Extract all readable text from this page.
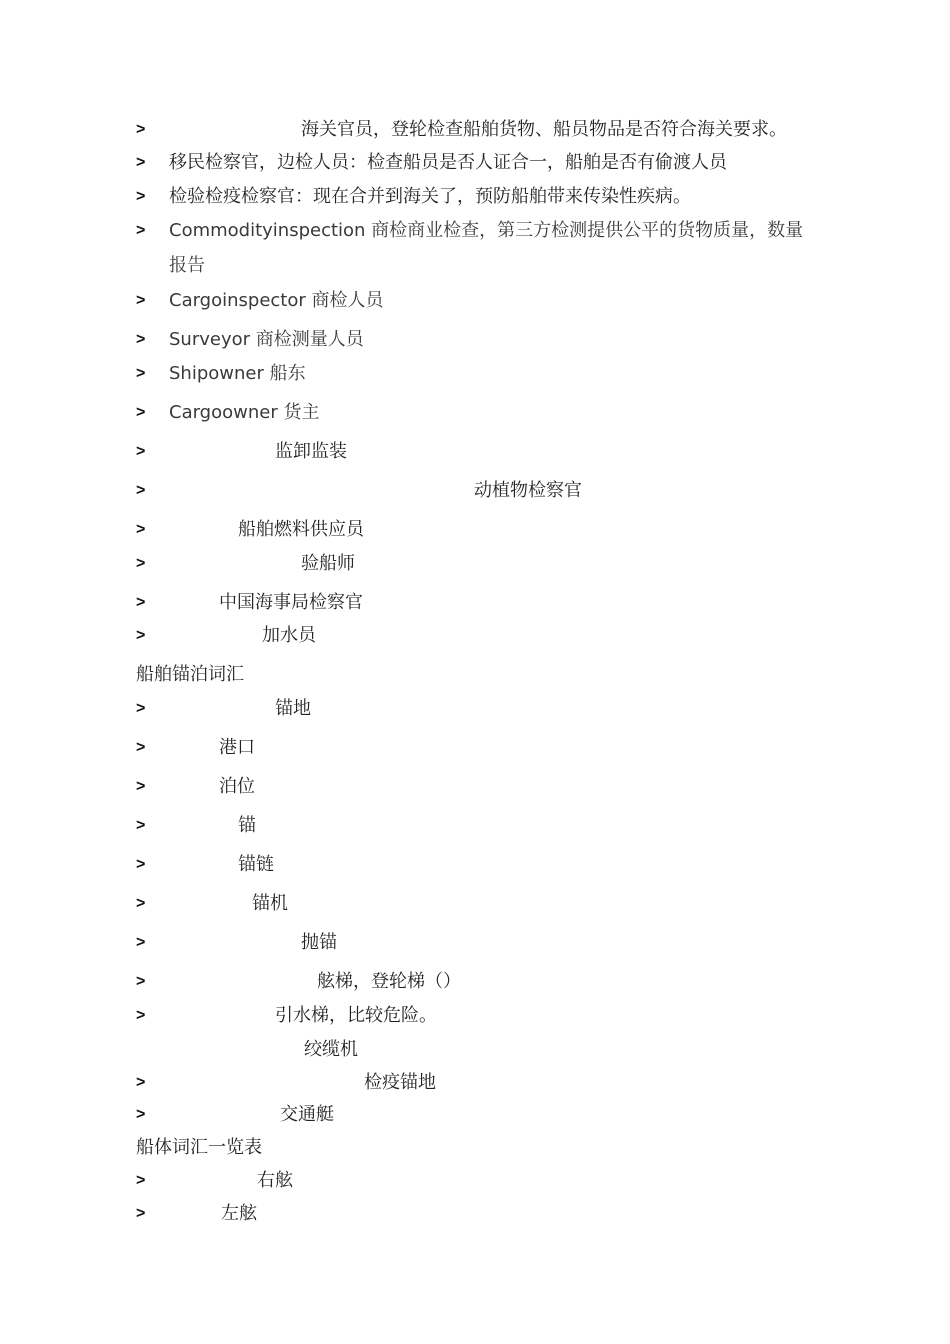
>	海关官员，登轮检查船舶货物、船员物品是否符合海关要求。
> 移民检察官，边检人员：检查船员是否人证合一，船舶是否有偷渡人员
> 检验检疫检察官：现在合并到海关了，预防船舶带来传染性疾病。
> Commodityinspection 商检商业检查，第三方检测提供公平的货物质量，数量
报告
> Cargoinspector 商检人员
> Surveyor 商检测量人员
> Shipowner 船东
> Cargoowner 货主
>	监卸监装
>	动植物检察官
>	船舶燃料供应员
>	验船师
>	中国海事局检察官
>	加水员
船舶锚泊词汇
>	锚地
>	港口
>	泊位
>	锚
>	锚链
>	锚机
>	抛锚
>	舷梯，登轮梯（）
>	引水梯，比较危险。
绞缆机
>	检疫锚地
>	交通艇
船体词汇一览表
>	右舷
>	左舷
